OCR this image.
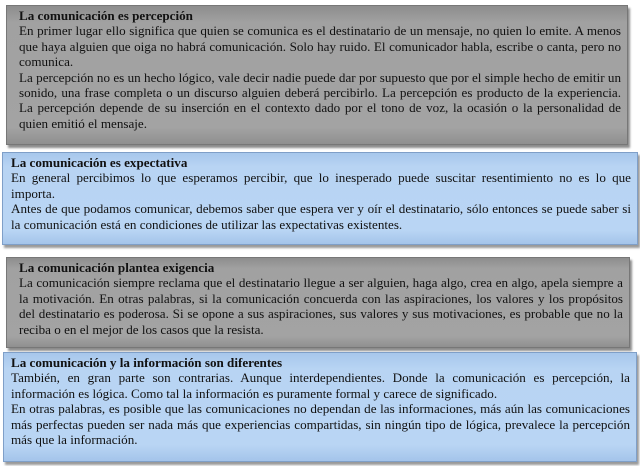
La comunicación es percepción

En primer lugar ello significa que quien se comunica es el destinatario de un mensaje, no quien lo emite. A menos que haya alguien que oiga no habrá comunicación. Solo hay ruido. El comunicador habla, escribe o canta, pero no comunica.

La percepción no es un hecho lógico, vale decir nadie puede dar por supuesto que por el simple hecho de emitir un sonido, una frase completa o un discurso alguien deberá percibirlo. La percepción es producto de la experiencia. La percepción depende de su inserción en el contexto dado por el tono de voz, la ocasión o la personalidad de quien emitió el mensaje.

La comunicación es expectativa

En general percibimos lo que esperamos percibir, que lo inesperado puede suscitar resentimiento no es lo que importa.

Antes de que podamos comunicar, debemos saber que espera ver y oír el destinatario, sólo entonces se puede saber si la comunicación está en condiciones de utilizar las expectativas existentes.

La comunicación plantea exigencia

La comunicación siempre reclama que el destinatario llegue a ser alguien, haga algo, crea en algo, apela siempre a la motivación. En otras palabras, si la comunicación concuerda con las aspiraciones, los valores y los propósitos del destinatario es poderosa. Si se opone a sus aspiraciones, sus valores y sus motivaciones, es probable que no la reciba o en el mejor de los casos que la resista.

La comunicación y la información son diferentes

También, en gran parte son contrarias. Aunque interdependientes. Donde la comunicación es percepción, la información es lógica. Como tal la información es puramente formal y carece de significado.

En otras palabras, es posible que las comunicaciones no dependan de las informaciones, más aún las comunicaciones más perfectas pueden ser nada más que experiencias compartidas, sin ningún tipo de lógica, prevalece la percepción más que la información.
